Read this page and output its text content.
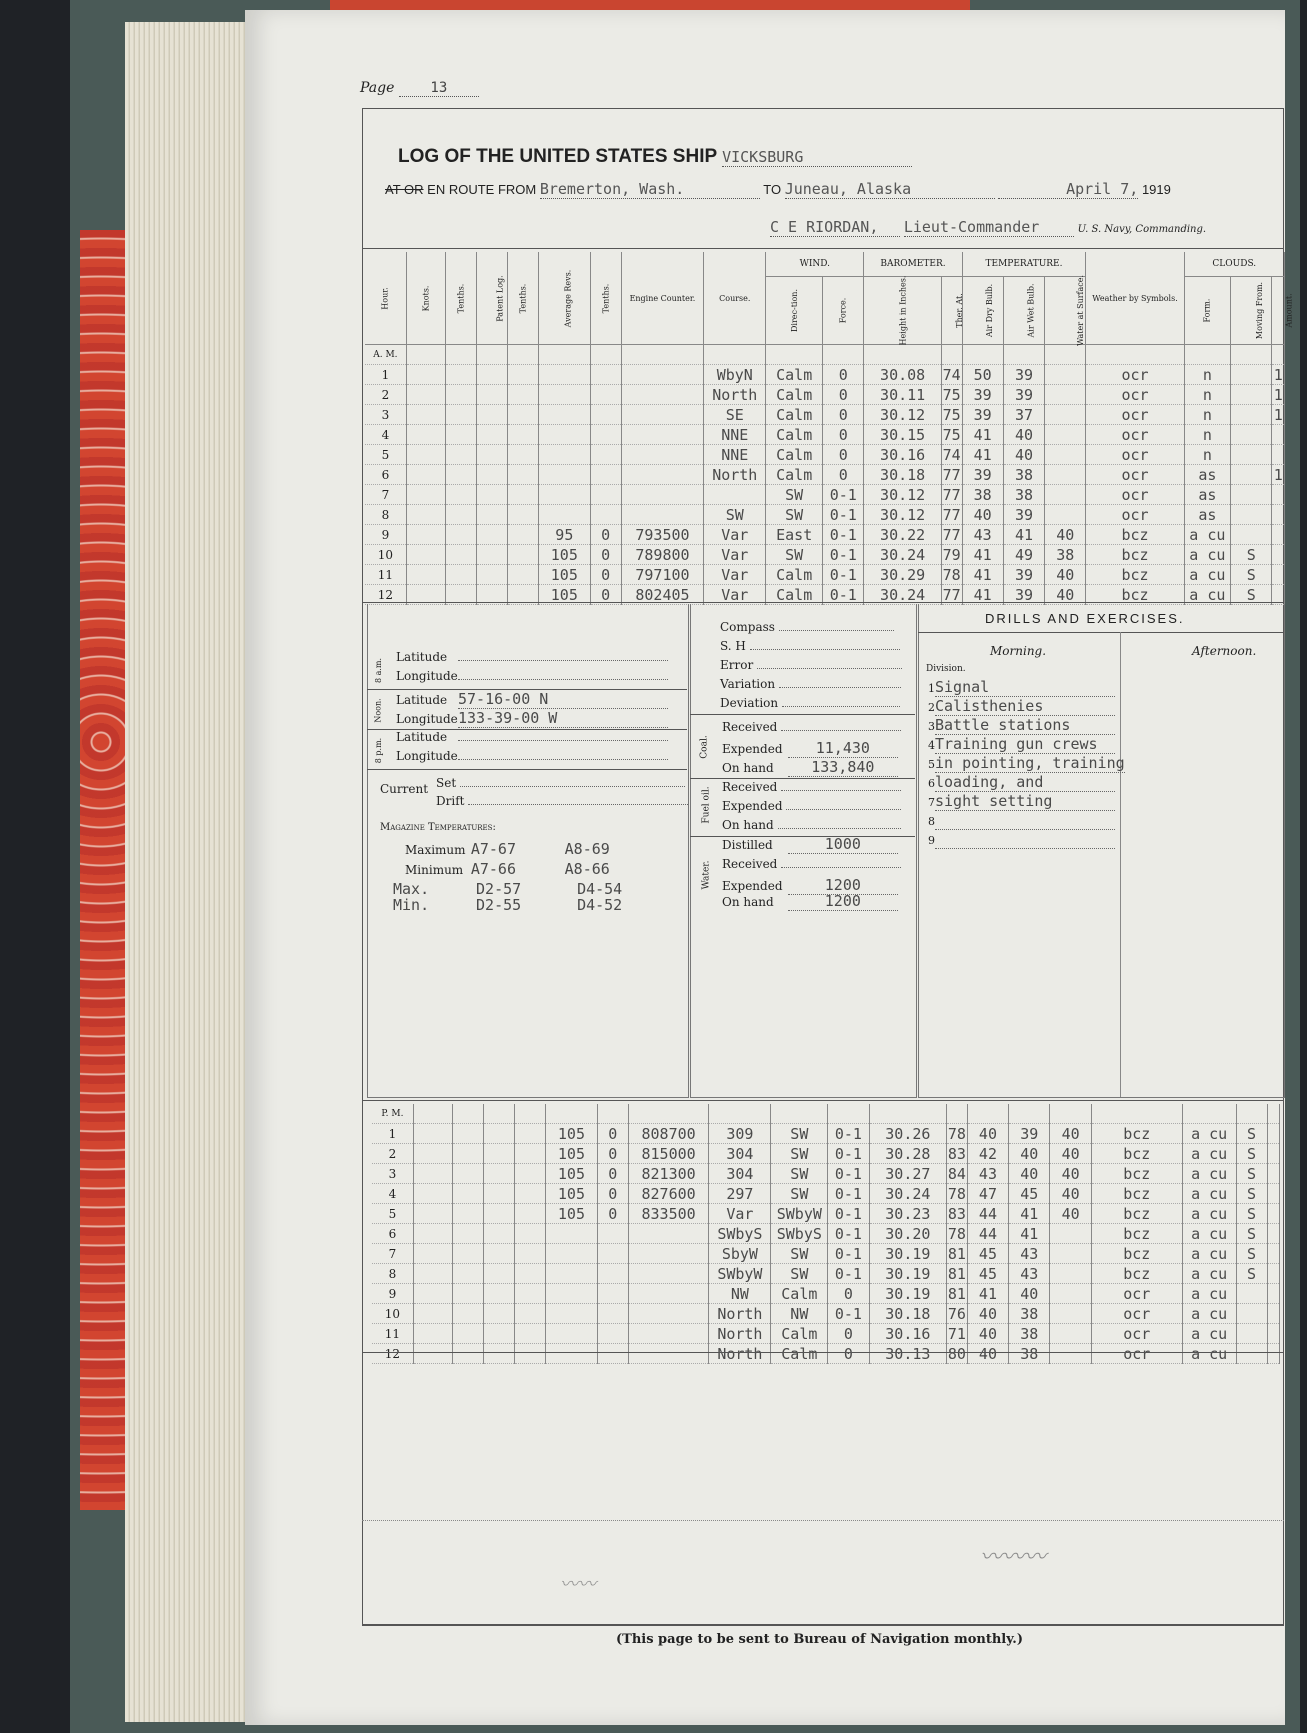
Page	13
LOG OF THE UNITED STATES SHIP VICKSBURG
AT OR EN ROUTE FROM Bremerton, Wash.	TO Juneau, Alaska	April 7, 1919
C E RIORDAN, Lieut-Commander	U. S. Navy, Commanding.
Hour.	Knots.	Tenths.	Patent Log.	Tenths.	Average Revs.	Tenths.	Engine Counter.	Course.	WIND.		BAROMETER.		TEMPERATURE.			Weather by Symbols.	CLOUDS.		
									Direc-tion.	Force.	Height in Inches.	Ther. At.	Air Dry Bulb.	Air Wet Bulb.	Water at Surface.		Form.	Moving From.	Amount.
A. M.																			
1								WbyN	Calm	0	30.08	74	50	39		ocr	n		1
2								North	Calm	0	30.11	75	39	39		ocr	n		1
3								SE	Calm	0	30.12	75	39	37		ocr	n		1
4								NNE	Calm	0	30.15	75	41	40		ocr	n		
5								NNE	Calm	0	30.16	74	41	40		ocr	n		
6								North	Calm	0	30.18	77	39	38		ocr	as		1
7									SW	0-1	30.12	77	38	38		ocr	as		
8								SW	SW	0-1	30.12	77	40	39		ocr	as		
9					95	0	793500	Var	East	0-1	30.22	77	43	41	40	bcz	a cu		
10					105	0	789800	Var	SW	0-1	30.24	79	41	49	38	bcz	a cu	S	
11					105	0	797100	Var	Calm	0-1	30.29	78	41	39	40	bcz	a cu	S	
12					105	0	802405	Var	Calm	0-1	30.24	77	41	39	40	bcz	a cu	S	
8 a.m.
Latitude
Longitude
Noon. Latitude 57-16-00 N
Longitude133-39-00 W
8 p.m.
Latitude
Longitude
Current Set
Drift
Magazine Temperatures:
Maximum A7-67	A8-69
Minimum A7-66	A8-66
Max.	D2-57	D4-54
Min.	D2-55	D4-52
Compass
S. H
Error
Variation
Deviation
Coal.
Received
Expended 11,430
On hand	133,840
Fuel oil. Received
Expended
On hand
Water.
Distilled	1000
Received
Expended	1200
On hand	1200
DRILLS AND EXERCISES.
Morning.	Afternoon.
Division.
1Signal
2Calisthenies
3Battle stations
4Training gun crews
5in pointing, training
6loading, and
7sight setting
8
9
P. M.																			
1					105	0	808700	309	SW	0-1	30.26	78	40	39	40	bcz	a cu	S	
2					105	0	815000	304	SW	0-1	30.28	83	42	40	40	bcz	a cu	S	
3					105	0	821300	304	SW	0-1	30.27	84	43	40	40	bcz	a cu	S	
4					105	0	827600	297	SW	0-1	30.24	78	47	45	40	bcz	a cu	S	
5					105	0	833500	Var	SWbyW	0-1	30.23	83	44	41	40	bcz	a cu	S	
6								SWbyS	SWbyS	0-1	30.20	78	44	41		bcz	a cu	S	
7								SbyW	SW	0-1	30.19	81	45	43		bcz	a cu	S	
8								SWbyW	SW	0-1	30.19	81	45	43		bcz	a cu	S	
9								NW	Calm	0	30.19	81	41	40		ocr	a cu		
10								North	NW	0-1	30.18	76	40	38		ocr	a cu		
11								North	Calm	0	30.16	71	40	38		ocr	a cu		
12								North	Calm	0	30.13	80	40	38		ocr	a cu		
〰〰〰
〰〰
(This page to be sent to Bureau of Navigation monthly.)
